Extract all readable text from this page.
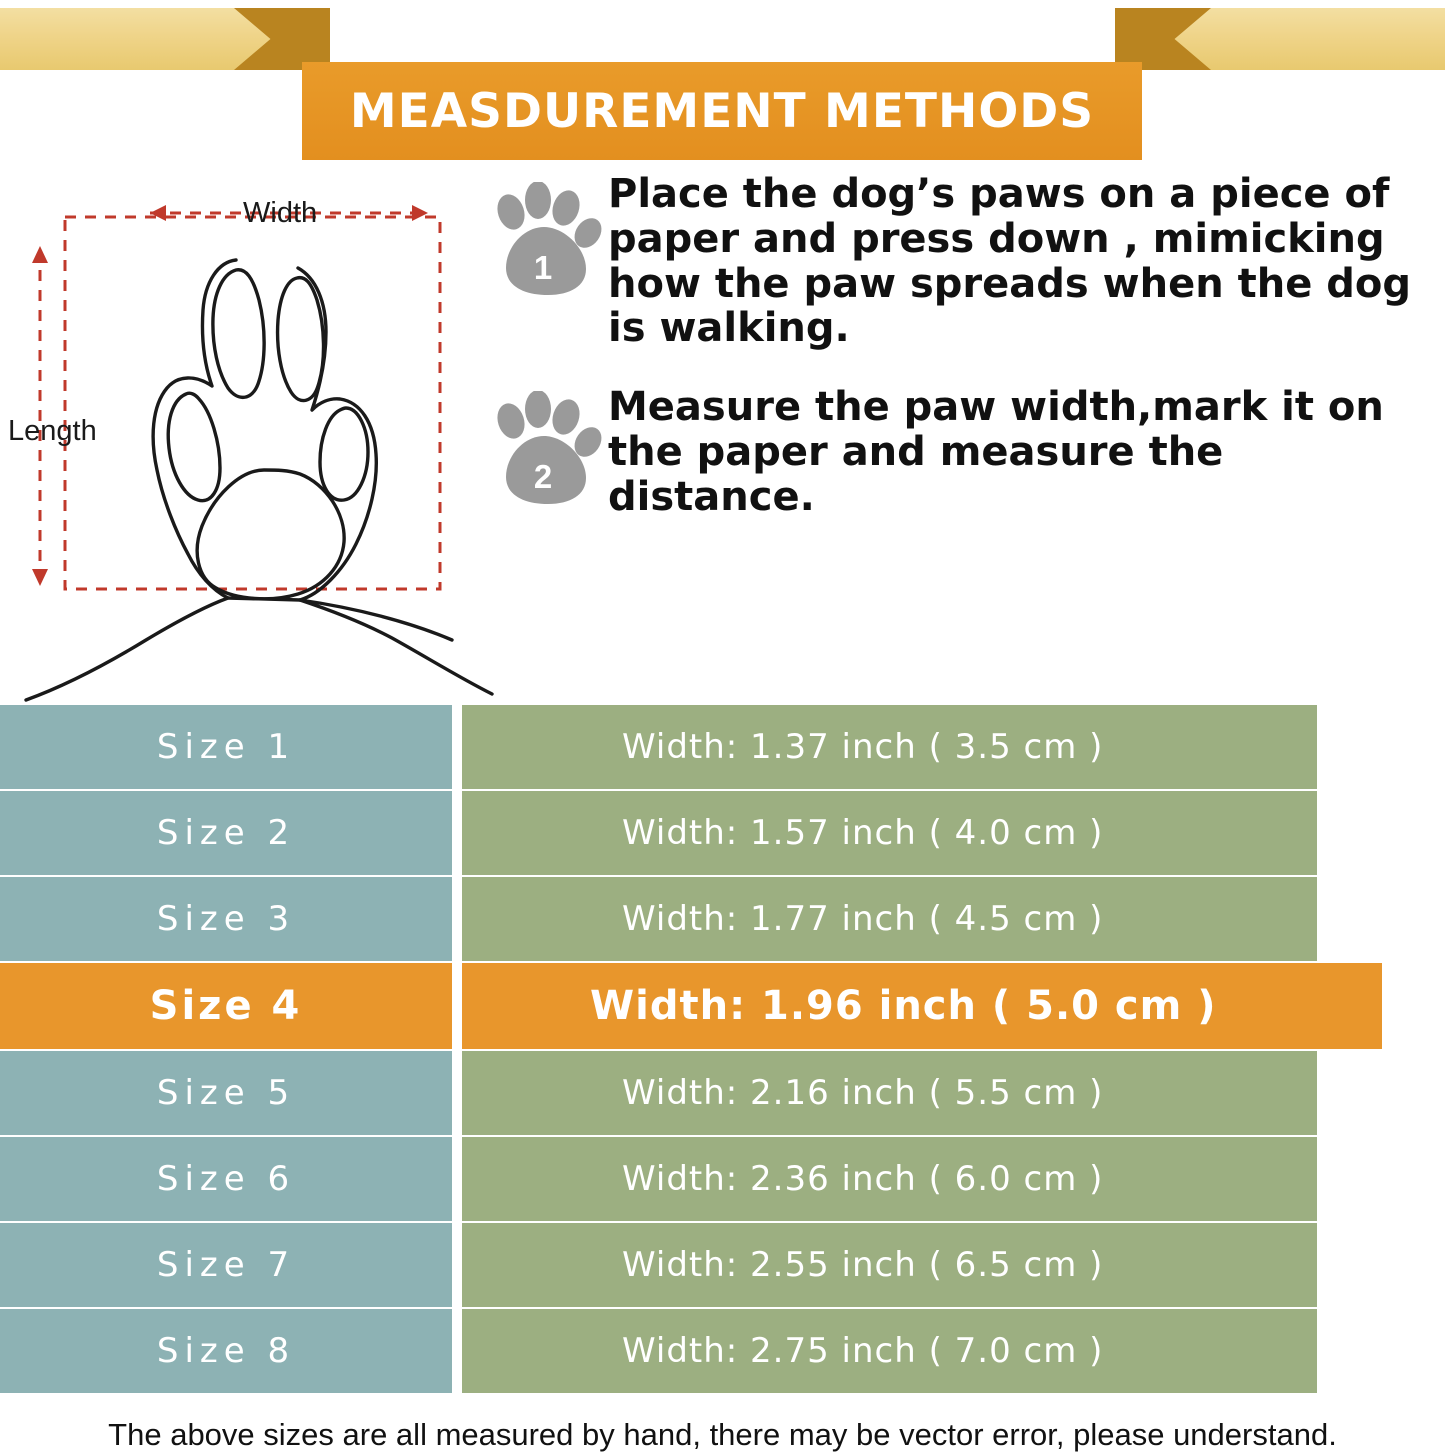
MEASDUREMENT METHODS
Width
Length
1
Place the dog’s paws on a piece of paper and press down , mimicking how the paw spreads when the dog is walking.
2
Measure the paw width,mark it on the paper and measure the distance.
Size 1	Width: 1.37 inch ( 3.5 cm )
Size 2	Width: 1.57 inch ( 4.0 cm )
Size 3	Width: 1.77 inch ( 4.5 cm )
Size 4	Width: 1.96 inch ( 5.0 cm )
Size 5	Width: 2.16 inch ( 5.5 cm )
Size 6	Width: 2.36 inch ( 6.0 cm )
Size 7	Width: 2.55 inch ( 6.5 cm )
Size 8	Width: 2.75 inch ( 7.0 cm )
The above sizes are all measured by hand, there may be vector error, please understand.
